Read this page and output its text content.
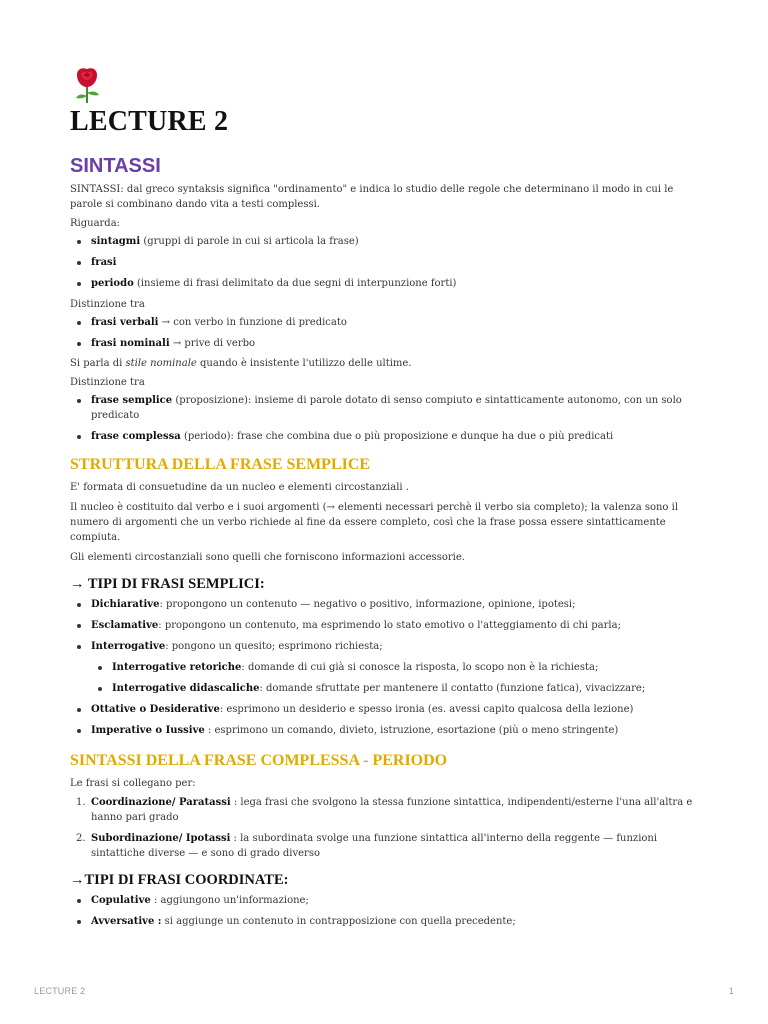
LECTURE 2
SINTASSI

SINTASSI: dal greco syntaksis significa "ordinamento" e indica lo studio delle regole che determinano il modo in cui le parole si combinano dando vita a testi complessi.

Riguarda:

sintagmi (gruppi di parole in cui si articola la frase)
frasi
periodo (insieme di frasi delimitato da due segni di interpunzione forti)

Distinzione tra

frasi verbali → con verbo in funzione di predicato
frasi nominali → prive di verbo

Si parla di stile nominale quando è insistente l'utilizzo delle ultime.

Distinzione tra

frase semplice (proposizione): insieme di parole dotato di senso compiuto e sintatticamente autonomo, con un solo predicato
frase complessa (periodo): frase che combina due o più proposizione e dunque ha due o più predicati
STRUTTURA DELLA FRASE SEMPLICE

E' formata di consuetudine da un nucleo e elementi circostanziali .

Il nucleo è costituito dal verbo e i suoi argomenti (→ elementi necessari perchè il verbo sia completo); la valenza sono il numero di argomenti che un verbo richiede al fine da essere completo, così che la frase possa essere sintatticamente compiuta.

Gli elementi circostanziali sono quelli che forniscono informazioni accessorie.

→ TIPI DI FRASI SEMPLICI:
Dichiarative: propongono un contenuto — negativo o positivo, informazione, opinione, ipotesi;
Esclamative: propongono un contenuto, ma esprimendo lo stato emotivo o l'atteggiamento di chi parla;
Interrogative: pongono un quesito; esprimono richiesta;
Interrogative retoriche: domande di cui già si conosce la risposta, lo scopo non è la richiesta;
Interrogative didascaliche: domande sfruttate per mantenere il contatto (funzione fatica), vivacizzare;
Ottative o Desiderative: esprimono un desiderio e spesso ironia (es. avessi capito qualcosa della lezione)
Imperative o Iussive : esprimono un comando, divieto, istruzione, esortazione (più o meno stringente)
SINTASSI DELLA FRASE COMPLESSA - PERIODO

Le frasi si collegano per:

1. Coordinazione/ Paratassi : lega frasi che svolgono la stessa funzione sintattica, indipendenti/esterne l'una all'altra e hanno pari grado
2. Subordinazione/ Ipotassi : la subordinata svolge una funzione sintattica all'interno della reggente — funzioni sintattiche diverse — e sono di grado diverso
→TIPI DI FRASI COORDINATE:
Copulative : aggiungono un'informazione;
Avversative : si aggiunge un contenuto in contrapposizione con quella precedente;
LECTURE 2	1
